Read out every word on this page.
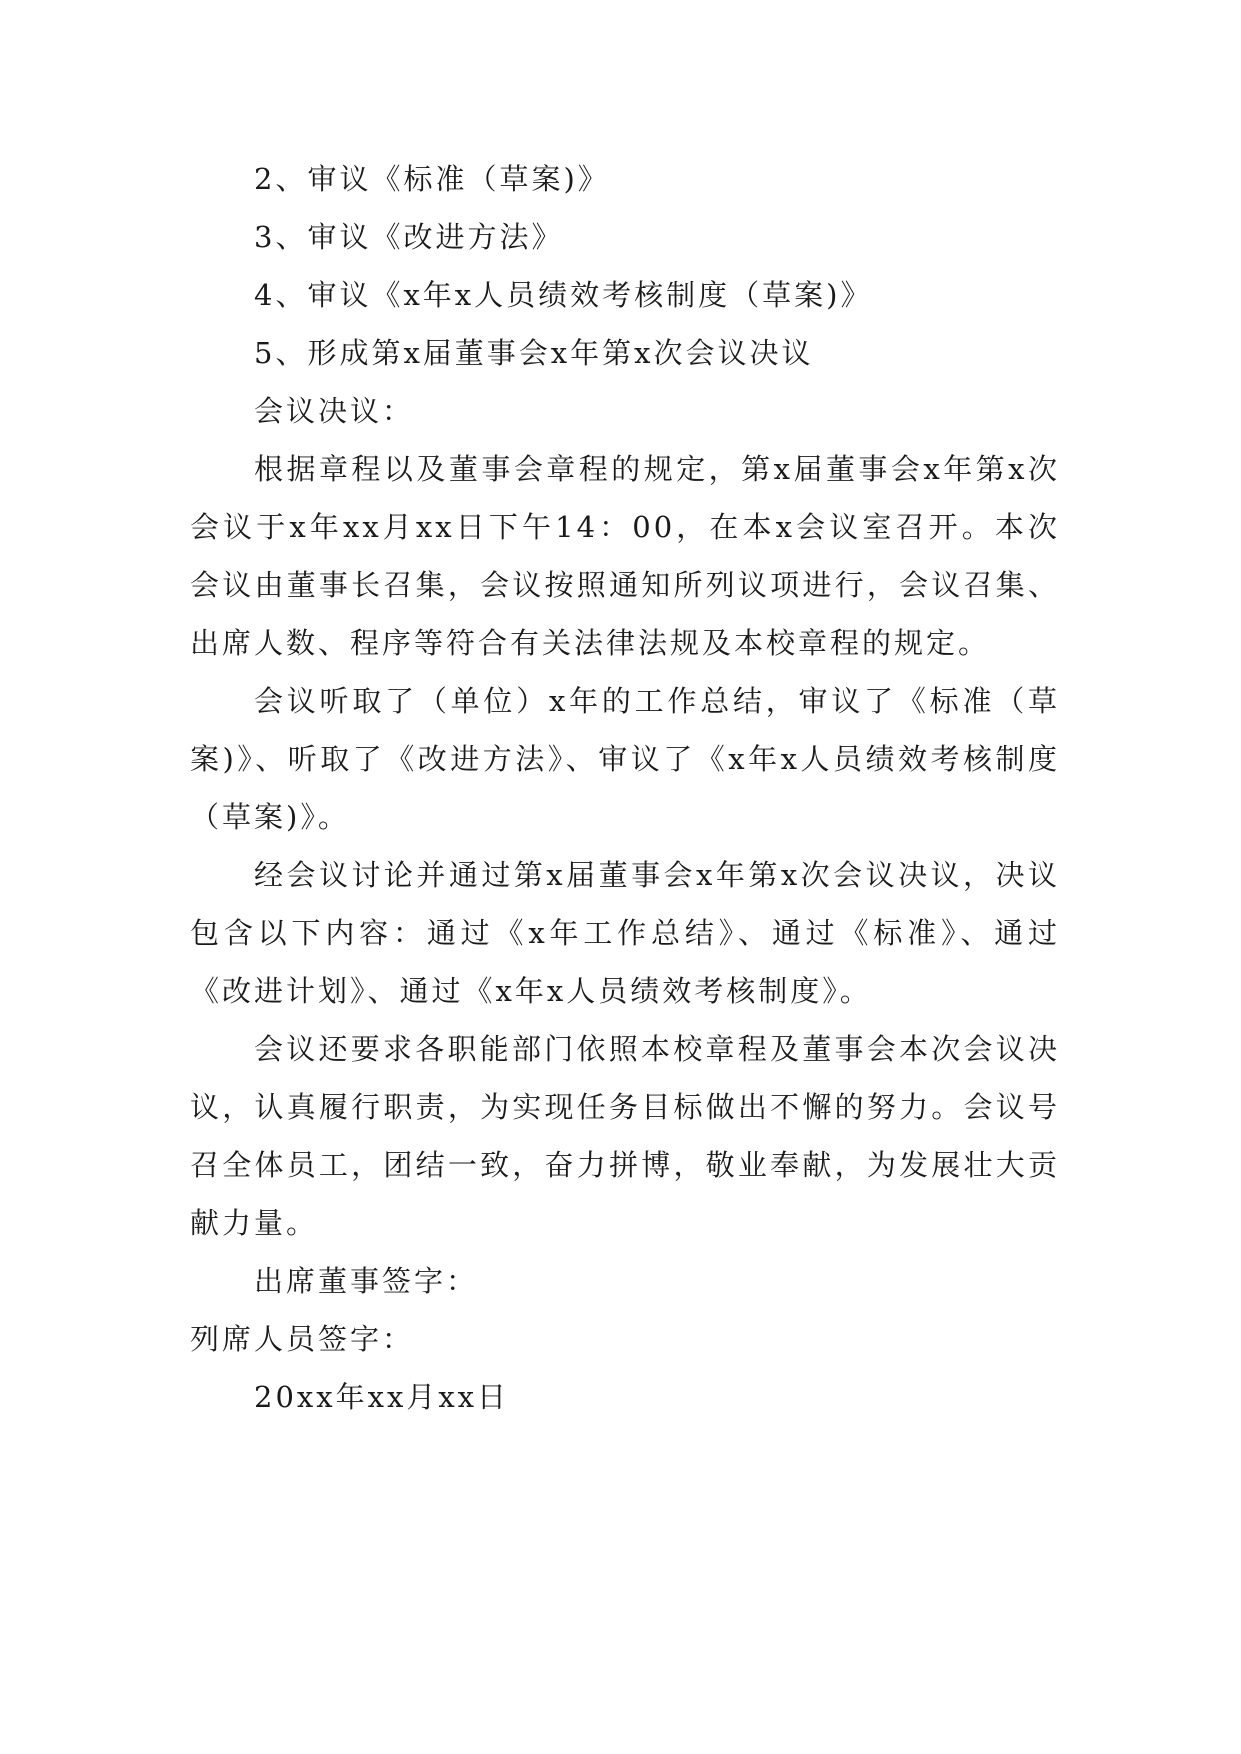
2、审议《标准（草案)》
3、审议《改进方法》
4、审议《x年x人员绩效考核制度（草案)》
5、形成第x届董事会x年第x次会议决议
会议决议：

根据章程以及董事会章程的规定，第x届董事会x年第x次会议于x年xx月xx日下午14：00，在本x会议室召开。本次会议由董事长召集，会议按照通知所列议项进行，会议召集、出席人数、程序等符合有关法律法规及本校章程的规定。

会议听取了（单位）x年的工作总结，审议了《标准（草案)》、听取了《改进方法》、审议了《x年x人员绩效考核制度（草案)》。

经会议讨论并通过第x届董事会x年第x次会议决议，决议包含以下内容：通过《x年工作总结》、通过《标准》、通过《改进计划》、通过《x年x人员绩效考核制度》。

会议还要求各职能部门依照本校章程及董事会本次会议决议，认真履行职责，为实现任务目标做出不懈的努力。会议号召全体员工，团结一致，奋力拼博，敬业奉献，为发展壮大贡献力量。

出席董事签字：
列席人员签字：
20xx年xx月xx日
